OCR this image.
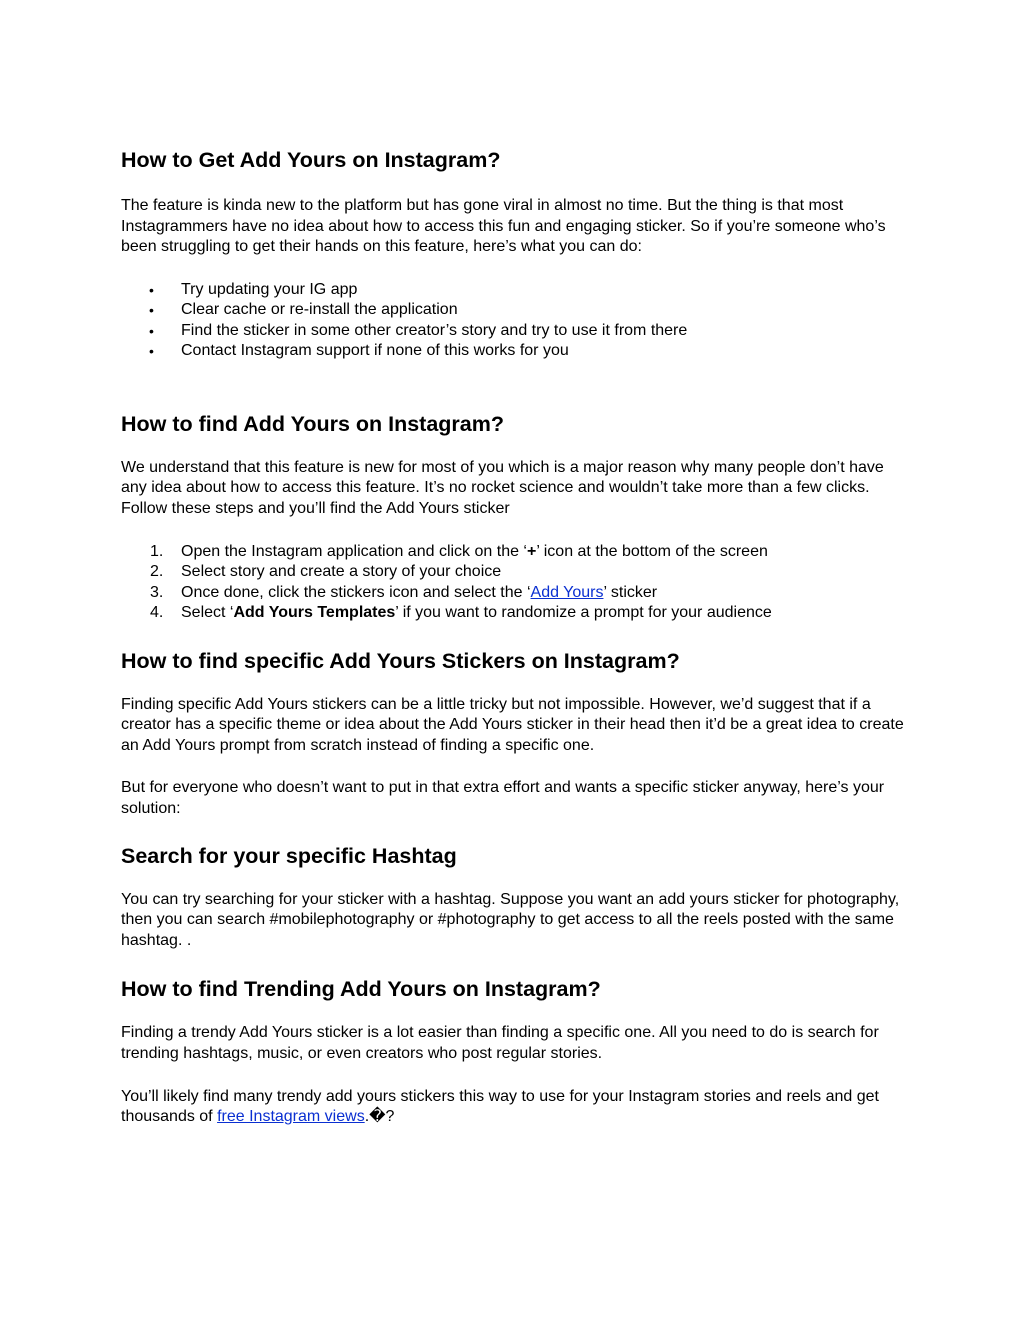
How to Get Add Yours on Instagram?

The feature is kinda new to the platform but has gone viral in almost no time. But the thing is that most Instagrammers have no idea about how to access this fun and engaging sticker. So if you’re someone who’s been struggling to get their hands on this feature, here’s what you can do:

• Try updating your IG app
• Clear cache or re-install the application
• Find the sticker in some other creator’s story and try to use it from there
• Contact Instagram support if none of this works for you
How to find Add Yours on Instagram?

We understand that this feature is new for most of you which is a major reason why many people don’t have any idea about how to access this feature. It’s no rocket science and wouldn’t take more than a few clicks. Follow these steps and you’ll find the Add Yours sticker

1. Open the Instagram application and click on the ‘+’ icon at the bottom of the screen
2. Select story and create a story of your choice
3. Once done, click the stickers icon and select the ‘Add Yours’ sticker
4. Select ‘Add Yours Templates’ if you want to randomize a prompt for your audience
How to find specific Add Yours Stickers on Instagram?

Finding specific Add Yours stickers can be a little tricky but not impossible. However, we’d suggest that if a creator has a specific theme or idea about the Add Yours sticker in their head then it’d be a great idea to create an Add Yours prompt from scratch instead of finding a specific one.

But for everyone who doesn’t want to put in that extra effort and wants a specific sticker anyway, here’s your solution:

Search for your specific Hashtag

You can try searching for your sticker with a hashtag. Suppose you want an add yours sticker for photography, then you can search #mobilephotography or #photography to get access to all the reels posted with the same hashtag. .

How to find Trending Add Yours on Instagram?

Finding a trendy Add Yours sticker is a lot easier than finding a specific one. All you need to do is search for trending hashtags, music, or even creators who post regular stories.

You’ll likely find many trendy add yours stickers this way to use for your Instagram stories and reels and get thousands of free Instagram views.�?
